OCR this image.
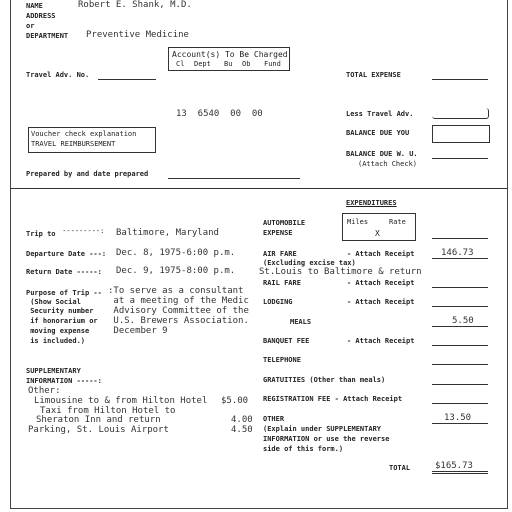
NAME	Robert E. Shank, M.D.
ADDRESS
or
DEPARTMENT Preventive Medicine
Account(s) To Be Charged
Cl Dept Bu Ob Fund
13  6540  00  00
Travel Adv. No.	TOTAL EXPENSE
Less Travel Adv.
BALANCE DUE YOU
BALANCE DUE W. U.
(Attach Check)
Voucher check explanation
TRAVEL REIMBURSEMENT
Prepared by and date prepared
EXPENDITURES
AUTOMOBILE
EXPENSE
Miles	Rate
X
AIR FARE	- Attach Receipt	146.73
(Excluding excise tax)
St.Louis to Baltimore & return
RAIL FARE	- Attach Receipt
LODGING	- Attach Receipt
MEALS	5.50
BANQUET FEE	- Attach Receipt
TELEPHONE
GRATUITIES (Other than meals)
REGISTRATION FEE - Attach Receipt
OTHER	13.50
(Explain under SUPPLEMENTARY
INFORMATION or use the reverse
side of this form.)
TOTAL	$165.73
Trip to ---------: Baltimore, Maryland
Departure Date ---: Dec. 8, 1975-6:00 p.m.
Return Date -----: Dec. 9, 1975-8:00 p.m.
Purpose of Trip --
(Show Social
Security number
if honorarium or
moving expense
is included.)
:To serve as a consultant
at a meeting of the Medic
Advisory Committee of the
U.S. Brewers Association.
December 9
SUPPLEMENTARY
INFORMATION -----:
Other:
Limousine to & from Hilton Hotel $5.00
Taxi from Hilton Hotel to
Sheraton Inn and return	4.00
Parking, St. Louis Airport	4.50
